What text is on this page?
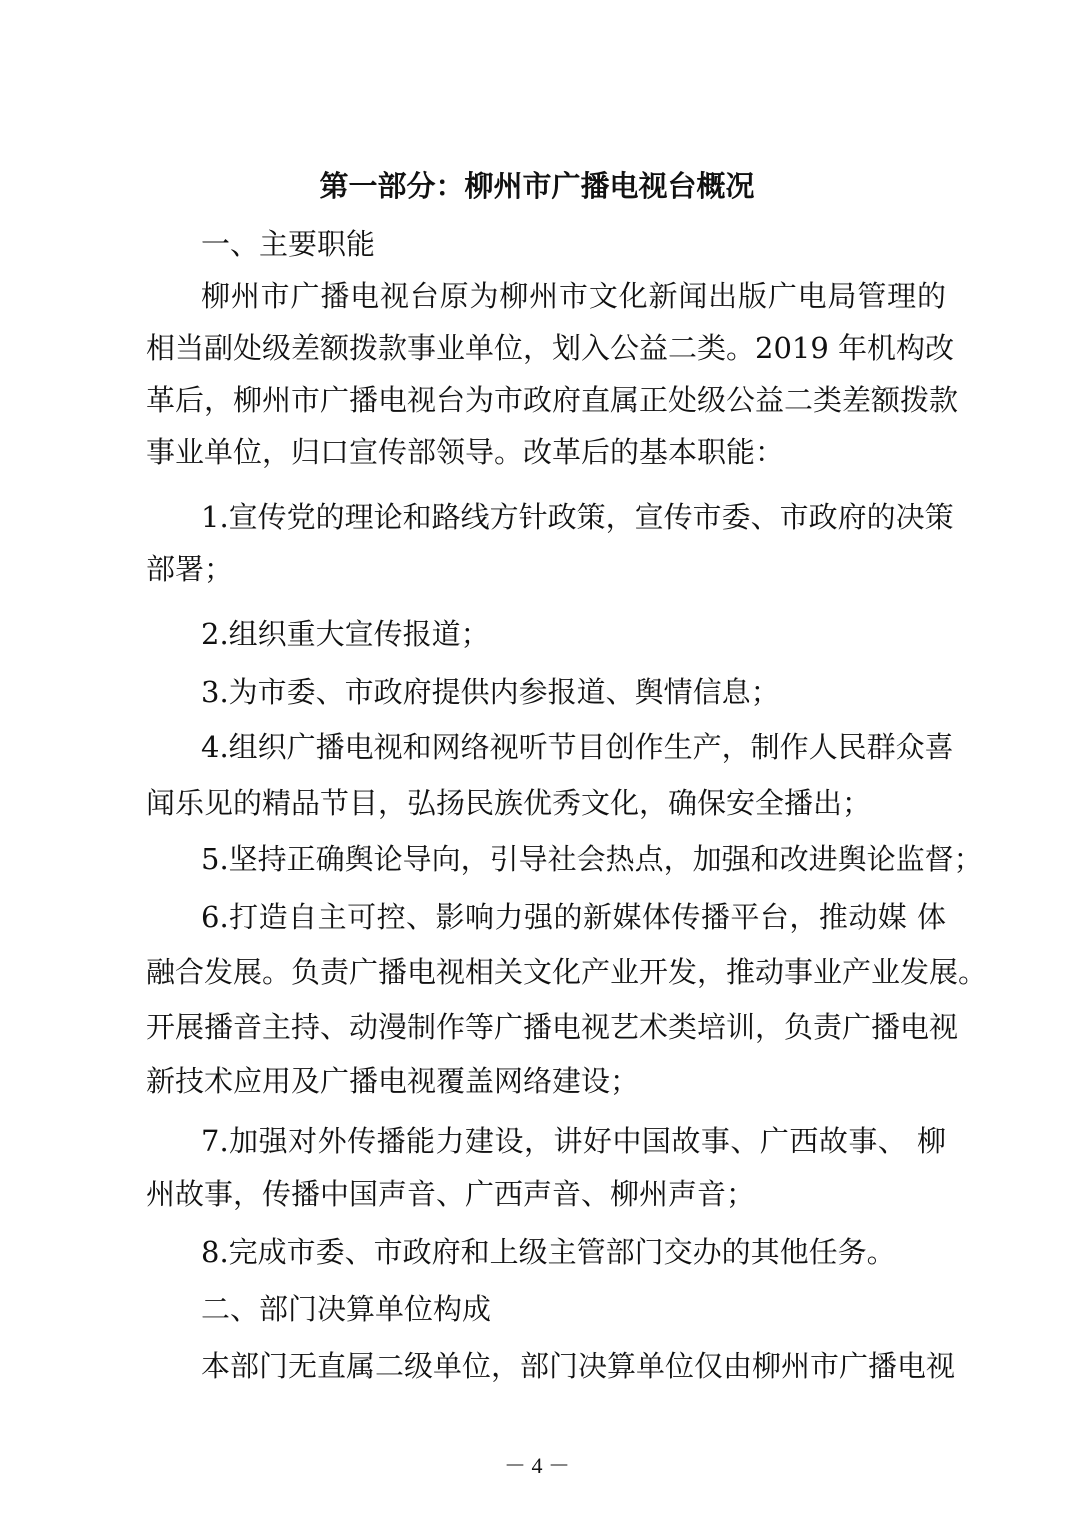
第一部分：柳州市广播电视台概况
一、主要职能
柳州市广播电视台原为柳州市文化新闻出版广电局管理的
相当副处级差额拨款事业单位，划入公益二类。2019 年机构改
革后，柳州市广播电视台为市政府直属正处级公益二类差额拨款
事业单位，归口宣传部领导。改革后的基本职能：
1.宣传党的理论和路线方针政策，宣传市委、市政府的决策
部署；
2.组织重大宣传报道；
3.为市委、市政府提供内参报道、舆情信息；
4.组织广播电视和网络视听节目创作生产，制作人民群众喜
闻乐见的精品节目，弘扬民族优秀文化，确保安全播出；
5.坚持正确舆论导向，引导社会热点，加强和改进舆论监督；
6.打造自主可控、影响力强的新媒体传播平台，推动媒 体
融合发展。负责广播电视相关文化产业开发，推动事业产业发展。
开展播音主持、动漫制作等广播电视艺术类培训，负责广播电视
新技术应用及广播电视覆盖网络建设；
7.加强对外传播能力建设，讲好中国故事、广西故事、 柳
州故事，传播中国声音、广西声音、柳州声音；
8.完成市委、市政府和上级主管部门交办的其他任务。
二、部门决算单位构成
本部门无直属二级单位，部门决算单位仅由柳州市广播电视
－ 4 －
